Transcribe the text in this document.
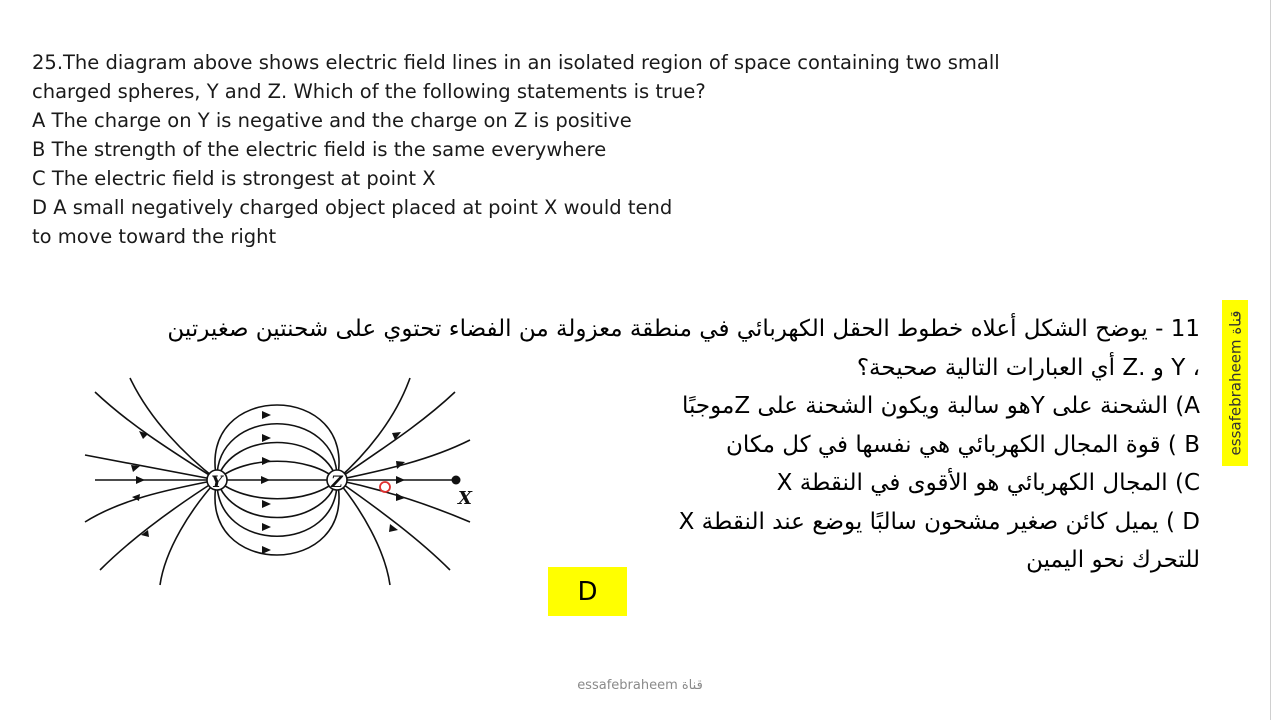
25.The diagram above shows electric field lines in an isolated region of space containing two small
charged spheres, Y and Z. Which of the following statements is true?
A The charge on Y is negative and the charge on Z is positive
B The strength of the electric field is the same everywhere
C The electric field is strongest at point X
D A small negatively charged object placed at point X would tend
to move toward the right
11 - يوضح الشكل أعلاه خطوط الحقل الكهربائي في منطقة معزولة من الفضاء تحتوي على شحنتين صغيرتين
، Y و .Z أي العبارات التالية صحيحة؟
A) الشحنة على Yهو سالبة ويكون الشحنة على Zموجبًا
B ) قوة المجال الكهربائي هي نفسها في كل مكان
C) المجال الكهربائي هو الأقوى في النقطة X
D ) يميل كائن صغير مشحون سالبًا يوضع عند النقطة X
للتحرك نحو اليمين
Y	Z
X
D
essafebraheem قناة
essafebraheem قناة
